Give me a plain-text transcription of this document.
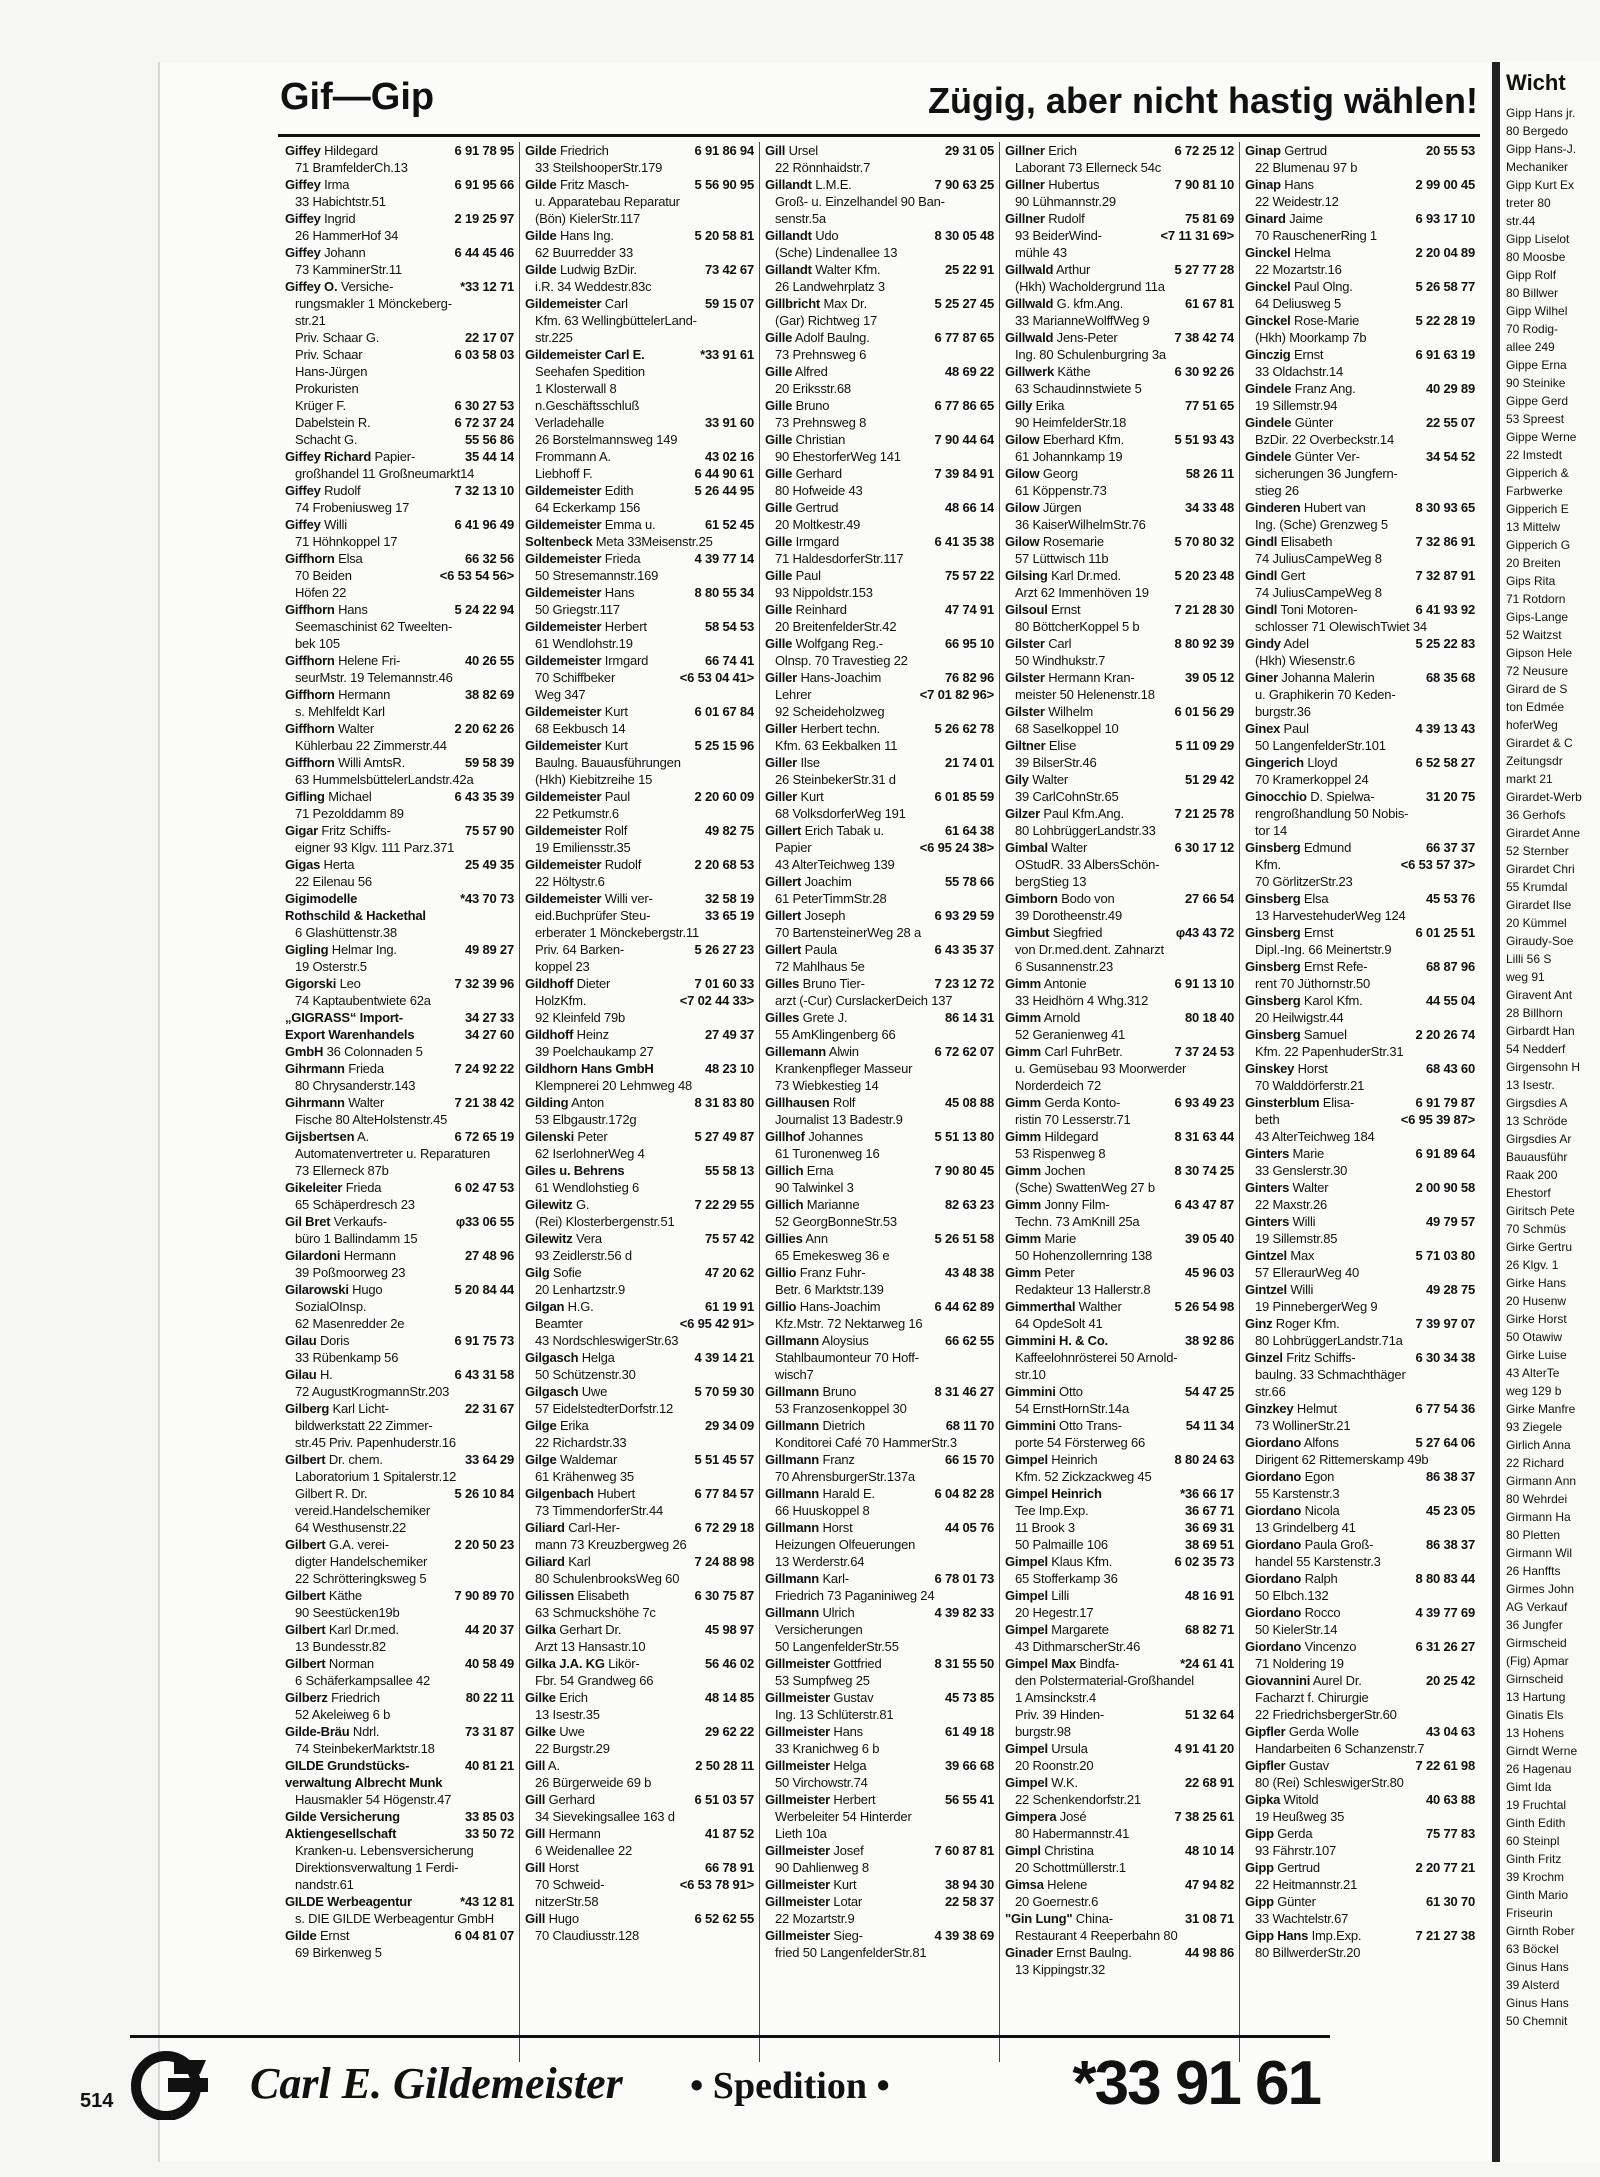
Gif—Gip	Zügig, aber nicht hastig wählen!
6 91 78 95
Giffey Hildegard
71 BramfelderCh.13
6 91 95 66
Giffey Irma
33 Habichtstr.51
2 19 25 97
Giffey Ingrid
26 HammerHof 34
6 44 45 46
Giffey Johann
73 KamminerStr.11
*33 12 71
Giffey O. Versiche-
rungsmakler 1 Mönckeberg-
str.21
22 17 07
Priv. Schaar G.
6 03 58 03
Priv. Schaar
Hans-Jürgen
Prokuristen
6 30 27 53
Krüger F.
6 72 37 24
Dabelstein R.
55 56 86
Schacht G.
35 44 14
Giffey Richard Papier-
großhandel 11 Großneumarkt14
7 32 13 10
Giffey Rudolf
74 Frobeniusweg 17
6 41 96 49
Giffey Willi
71 Höhnkoppel 17
66 32 56
Giffhorn Elsa
<6 53 54 56>
70 Beiden
Höfen 22
5 24 22 94
Giffhorn Hans
Seemaschinist 62 Tweelten-
bek 105
40 26 55
Giffhorn Helene Fri-
seurMstr. 19 Telemannstr.46
38 82 69
Giffhorn Hermann
s. Mehlfeldt Karl
2 20 62 26
Giffhorn Walter
Kühlerbau 22 Zimmerstr.44
59 58 39
Giffhorn Willi AmtsR.
63 HummelsbüttelerLandstr.42a
6 43 35 39
Gifling Michael
71 Pezolddamm 89
75 57 90
Gigar Fritz Schiffs-
eigner 93 Klgv. 111 Parz.371
25 49 35
Gigas Herta
22 Eilenau 56
*43 70 73
Gigimodelle
Rothschild & Hackethal
6 Glashüttenstr.38
49 89 27
Gigling Helmar Ing.
19 Osterstr.5
7 32 39 96
Gigorski Leo
74 Kaptaubentwiete 62a
34 27 33
„GIGRASS“ Import-
34 27 60
Export Warenhandels
GmbH 36 Colonnaden 5
7 24 92 22
Gihrmann Frieda
80 Chrysanderstr.143
7 21 38 42
Gihrmann Walter
Fische 80 AlteHolstenstr.45
6 72 65 19
Gijsbertsen A.
Automatenvertreter u. Reparaturen
73 Ellerneck 87b
6 02 47 53
Gikeleiter Frieda
65 Schäperdresch 23
φ33 06 55
Gil Bret Verkaufs-
büro 1 Ballindamm 15
27 48 96
Gilardoni Hermann
39 Poßmoorweg 23
5 20 84 44
Gilarowski Hugo
SozialOInsp.
62 Masenredder 2e
6 91 75 73
Gilau Doris
33 Rübenkamp 56
6 43 31 58
Gilau H.
72 AugustKrogmannStr.203
22 31 67
Gilberg Karl Licht-
bildwerkstatt 22 Zimmer-
str.45 Priv. Papenhuderstr.16
33 64 29
Gilbert Dr. chem.
Laboratorium 1 Spitalerstr.12
5 26 10 84
Gilbert R. Dr.
vereid.Handelschemiker
64 Westhusenstr.22
2 20 50 23
Gilbert G.A. verei-
digter Handelschemiker
22 Schrötteringksweg 5
7 90 89 70
Gilbert Käthe
90 Seestücken19b
44 20 37
Gilbert Karl Dr.med.
13 Bundesstr.82
40 58 49
Gilbert Norman
6 Schäferkampsallee 42
80 22 11
Gilberz Friedrich
52 Akeleiweg 6 b
73 31 87
Gilde-Bräu Ndrl.
74 SteinbekerMarktstr.18
40 81 21
GILDE Grundstücks-
verwaltung Albrecht Munk
Hausmakler 54 Högenstr.47
33 85 03
Gilde Versicherung
33 50 72
Aktiengesellschaft
Kranken-u. Lebensversicherung
Direktionsverwaltung 1 Ferdi-
nandstr.61
*43 12 81
GILDE Werbeagentur
s. DIE GILDE Werbeagentur GmbH
6 04 81 07
Gilde Ernst
69 Birkenweg 5
6 91 86 94
Gilde Friedrich
33 SteilshooperStr.179
5 56 90 95
Gilde Fritz Masch-
u. Apparatebau Reparatur
(Bön) KielerStr.117
5 20 58 81
Gilde Hans Ing.
62 Buurredder 33
73 42 67
Gilde Ludwig BzDir.
i.R. 34 Weddestr.83c
59 15 07
Gildemeister Carl
Kfm. 63 WellingbüttelerLand-
str.225
*33 91 61
Gildemeister Carl E.
Seehafen Spedition
1 Klosterwall 8
n.Geschäftsschluß
33 91 60
Verladehalle
26 Borstelmannsweg 149
43 02 16
Frommann A.
6 44 90 61
Liebhoff F.
5 26 44 95
Gildemeister Edith
64 Eckerkamp 156
61 52 45
Gildemeister Emma u.
Soltenbeck Meta 33Meisenstr.25
4 39 77 14
Gildemeister Frieda
50 Stresemannstr.169
8 80 55 34
Gildemeister Hans
50 Griegstr.117
58 54 53
Gildemeister Herbert
61 Wendlohstr.19
66 74 41
Gildemeister Irmgard
<6 53 04 41>
70 Schiffbeker
Weg 347
6 01 67 84
Gildemeister Kurt
68 Eekbusch 14
5 25 15 96
Gildemeister Kurt
Baulng. Bauausführungen
(Hkh) Kiebitzreihe 15
2 20 60 09
Gildemeister Paul
22 Petkumstr.6
49 82 75
Gildemeister Rolf
19 Emiliensstr.35
2 20 68 53
Gildemeister Rudolf
22 Höltystr.6
32 58 19
Gildemeister Willi ver-
33 65 19
eid.Buchprüfer Steu-
erberater 1 Mönckebergstr.11
5 26 27 23
Priv. 64 Barken-
koppel 23
7 01 60 33
Gildhoff Dieter
<7 02 44 33>
HolzKfm.
92 Kleinfeld 79b
27 49 37
Gildhoff Heinz
39 Poelchaukamp 27
48 23 10
Gildhorn Hans GmbH
Klempnerei 20 Lehmweg 48
8 31 83 80
Gilding Anton
53 Elbgaustr.172g
5 27 49 87
Gilenski Peter
62 IserlohnerWeg 4
55 58 13
Giles u. Behrens
61 Wendlohstieg 6
7 22 29 55
Gilewitz G.
(Rei) Klosterbergenstr.51
75 57 42
Gilewitz Vera
93 Zeidlerstr.56 d
47 20 62
Gilg Sofie
20 Lenhartzstr.9
61 19 91
Gilgan H.G.
<6 95 42 91>
Beamter
43 NordschleswigerStr.63
4 39 14 21
Gilgasch Helga
50 Schützenstr.30
5 70 59 30
Gilgasch Uwe
57 EidelstedterDorfstr.12
29 34 09
Gilge Erika
22 Richardstr.33
5 51 45 57
Gilge Waldemar
61 Krähenweg 35
6 77 84 57
Gilgenbach Hubert
73 TimmendorferStr.44
6 72 29 18
Giliard Carl-Her-
mann 73 Kreuzbergweg 26
7 24 88 98
Giliard Karl
80 SchulenbrooksWeg 60
6 30 75 87
Gilissen Elisabeth
63 Schmuckshöhe 7c
45 98 97
Gilka Gerhart Dr.
Arzt 13 Hansastr.10
56 46 02
Gilka J.A. KG Likör-
Fbr. 54 Grandweg 66
48 14 85
Gilke Erich
13 Isestr.35
29 62 22
Gilke Uwe
22 Burgstr.29
2 50 28 11
Gill A.
26 Bürgerweide 69 b
6 51 03 57
Gill Gerhard
34 Sievekingsallee 163 d
41 87 52
Gill Hermann
6 Weidenallee 22
66 78 91
Gill Horst
<6 53 78 91>
70 Schweid-
nitzerStr.58
6 52 62 55
Gill Hugo
70 Claudiusstr.128
29 31 05
Gill Ursel
22 Rönnhaidstr.7
7 90 63 25
Gillandt L.M.E.
Groß- u. Einzelhandel 90 Ban-
senstr.5a
8 30 05 48
Gillandt Udo
(Sche) Lindenallee 13
25 22 91
Gillandt Walter Kfm.
26 Landwehrplatz 3
5 25 27 45
Gillbricht Max Dr.
(Gar) Richtweg 17
6 77 87 65
Gille Adolf Baulng.
73 Prehnsweg 6
48 69 22
Gille Alfred
20 Eriksstr.68
6 77 86 65
Gille Bruno
73 Prehnsweg 8
7 90 44 64
Gille Christian
90 EhestorferWeg 141
7 39 84 91
Gille Gerhard
80 Hofweide 43
48 66 14
Gille Gertrud
20 Moltkestr.49
6 41 35 38
Gille Irmgard
71 HaldesdorferStr.117
75 57 22
Gille Paul
93 Nippoldstr.153
47 74 91
Gille Reinhard
20 BreitenfelderStr.42
66 95 10
Gille Wolfgang Reg.-
Olnsp. 70 Travestieg 22
76 82 96
Giller Hans-Joachim
<7 01 82 96>
Lehrer
92 Scheideholzweg
5 26 62 78
Giller Herbert techn.
Kfm. 63 Eekbalken 11
21 74 01
Giller Ilse
26 SteinbekerStr.31 d
6 01 85 59
Giller Kurt
68 VolksdorferWeg 191
61 64 38
Gillert Erich Tabak u.
<6 95 24 38>
Papier
43 AlterTeichweg 139
55 78 66
Gillert Joachim
61 PeterTimmStr.28
6 93 29 59
Gillert Joseph
70 BartensteinerWeg 28 a
6 43 35 37
Gillert Paula
72 Mahlhaus 5e
7 23 12 72
Gilles Bruno Tier-
arzt (-Cur) CurslackerDeich 137
86 14 31
Gilles Grete J.
55 AmKlingenberg 66
6 72 62 07
Gillemann Alwin
Krankenpfleger Masseur
73 Wiebkestieg 14
45 08 88
Gillhausen Rolf
Journalist 13 Badestr.9
5 51 13 80
Gillhof Johannes
61 Turonenweg 16
7 90 80 45
Gillich Erna
90 Talwinkel 3
82 63 23
Gillich Marianne
52 GeorgBonneStr.53
5 26 51 58
Gillies Ann
65 Emekesweg 36 e
43 48 38
Gillio Franz Fuhr-
Betr. 6 Marktstr.139
6 44 62 89
Gillio Hans-Joachim
Kfz.Mstr. 72 Nektarweg 16
66 62 55
Gillmann Aloysius
Stahlbaumonteur 70 Hoff-
wisch7
8 31 46 27
Gillmann Bruno
53 Franzosenkoppel 30
68 11 70
Gillmann Dietrich
Konditorei Café 70 HammerStr.3
66 15 70
Gillmann Franz
70 AhrensburgerStr.137a
6 04 82 28
Gillmann Harald E.
66 Huuskoppel 8
44 05 76
Gillmann Horst
Heizungen Olfeuerungen
13 Werderstr.64
6 78 01 73
Gillmann Karl-
Friedrich 73 Paganiniweg 24
4 39 82 33
Gillmann Ulrich
Versicherungen
50 LangenfelderStr.55
8 31 55 50
Gillmeister Gottfried
53 Sumpfweg 25
45 73 85
Gillmeister Gustav
Ing. 13 Schlüterstr.81
61 49 18
Gillmeister Hans
33 Kranichweg 6 b
39 66 68
Gillmeister Helga
50 Virchowstr.74
56 55 41
Gillmeister Herbert
Werbeleiter 54 Hinterder
Lieth 10a
7 60 87 81
Gillmeister Josef
90 Dahlienweg 8
38 94 30
Gillmeister Kurt
22 58 37
Gillmeister Lotar
22 Mozartstr.9
4 39 38 69
Gillmeister Sieg-
fried 50 LangenfelderStr.81
6 72 25 12
Gillner Erich
Laborant 73 Ellerneck 54c
7 90 81 10
Gillner Hubertus
90 Lühmannstr.29
75 81 69
Gillner Rudolf
<7 11 31 69>
93 BeiderWind-
mühle 43
5 27 77 28
Gillwald Arthur
(Hkh) Wacholdergrund 11a
61 67 81
Gillwald G. kfm.Ang.
33 MarianneWolffWeg 9
7 38 42 74
Gillwald Jens-Peter
Ing. 80 Schulenburgring 3a
6 30 92 26
Gillwerk Käthe
63 Schaudinnstwiete 5
77 51 65
Gilly Erika
90 HeimfelderStr.18
5 51 93 43
Gilow Eberhard Kfm.
61 Johannkamp 19
58 26 11
Gilow Georg
61 Köppenstr.73
34 33 48
Gilow Jürgen
36 KaiserWilhelmStr.76
5 70 80 32
Gilow Rosemarie
57 Lüttwisch 11b
5 20 23 48
Gilsing Karl Dr.med.
Arzt 62 Immenhöven 19
7 21 28 30
Gilsoul Ernst
80 BöttcherKoppel 5 b
8 80 92 39
Gilster Carl
50 Windhukstr.7
39 05 12
Gilster Hermann Kran-
meister 50 Helenenstr.18
6 01 56 29
Gilster Wilhelm
68 Saselkoppel 10
5 11 09 29
Giltner Elise
39 BilserStr.46
51 29 42
Gily Walter
39 CarlCohnStr.65
7 21 25 78
Gilzer Paul Kfm.Ang.
80 LohbrüggerLandstr.33
6 30 17 12
Gimbal Walter
OStudR. 33 AlbersSchön-
bergStieg 13
27 66 54
Gimborn Bodo von
39 Dorotheenstr.49
φ43 43 72
Gimbut Siegfried
von Dr.med.dent. Zahnarzt
6 Susannenstr.23
6 91 13 10
Gimm Antonie
33 Heidhörn 4 Whg.312
80 18 40
Gimm Arnold
52 Geranienweg 41
7 37 24 53
Gimm Carl FuhrBetr.
u. Gemüsebau 93 Moorwerder
Norderdeich 72
6 93 49 23
Gimm Gerda Konto-
ristin 70 Lesserstr.71
8 31 63 44
Gimm Hildegard
53 Rispenweg 8
8 30 74 25
Gimm Jochen
(Sche) SwattenWeg 27 b
6 43 47 87
Gimm Jonny Film-
Techn. 73 AmKnill 25a
39 05 40
Gimm Marie
50 Hohenzollernring 138
45 96 03
Gimm Peter
Redakteur 13 Hallerstr.8
5 26 54 98
Gimmerthal Walther
64 OpdeSolt 41
38 92 86
Gimmini H. & Co.
Kaffeelohnrösterei 50 Arnold-
str.10
54 47 25
Gimmini Otto
54 ErnstHornStr.14a
54 11 34
Gimmini Otto Trans-
porte 54 Försterweg 66
8 80 24 63
Gimpel Heinrich
Kfm. 52 Zickzackweg 45
*36 66 17
Gimpel Heinrich
36 67 71
Tee Imp.Exp.
36 69 31
11 Brook 3
38 69 51
50 Palmaille 106
6 02 35 73
Gimpel Klaus Kfm.
65 Stofferkamp 36
48 16 91
Gimpel Lilli
20 Hegestr.17
68 82 71
Gimpel Margarete
43 DithmarscherStr.46
*24 61 41
Gimpel Max Bindfa-
den Polstermaterial-Großhandel
1 Amsinckstr.4
51 32 64
Priv. 39 Hinden-
burgstr.98
4 91 41 20
Gimpel Ursula
20 Roonstr.20
22 68 91
Gimpel W.K.
22 Schenkendorfstr.21
7 38 25 61
Gimpera José
80 Habermannstr.41
48 10 14
Gimpl Christina
20 Schottmüllerstr.1
47 94 82
Gimsa Helene
20 Goernestr.6
31 08 71
"Gin Lung" China-
Restaurant 4 Reeperbahn 80
44 98 86
Ginader Ernst Baulng.
13 Kippingstr.32
20 55 53
Ginap Gertrud
22 Blumenau 97 b
2 99 00 45
Ginap Hans
22 Weidestr.12
6 93 17 10
Ginard Jaime
70 RauschenerRing 1
2 20 04 89
Ginckel Helma
22 Mozartstr.16
5 26 58 77
Ginckel Paul Olng.
64 Deliusweg 5
5 22 28 19
Ginckel Rose-Marie
(Hkh) Moorkamp 7b
6 91 63 19
Ginczig Ernst
33 Oldachstr.14
40 29 89
Gindele Franz Ang.
19 Sillemstr.94
22 55 07
Gindele Günter
BzDir. 22 Overbeckstr.14
34 54 52
Gindele Günter Ver-
sicherungen 36 Jungfern-
stieg 26
8 30 93 65
Ginderen Hubert van
Ing. (Sche) Grenzweg 5
7 32 86 91
Gindl Elisabeth
74 JuliusCampeWeg 8
7 32 87 91
Gindl Gert
74 JuliusCampeWeg 8
6 41 93 92
Gindl Toni Motoren-
schlosser 71 OlewischTwiet 34
5 25 22 83
Gindy Adel
(Hkh) Wiesenstr.6
68 35 68
Giner Johanna Malerin
u. Graphikerin 70 Keden-
burgstr.36
4 39 13 43
Ginex Paul
50 LangenfelderStr.101
6 52 58 27
Gingerich Lloyd
70 Kramerkoppel 24
31 20 75
Ginocchio D. Spielwa-
rengroßhandlung 50 Nobis-
tor 14
66 37 37
Ginsberg Edmund
<6 53 57 37>
Kfm.
70 GörlitzerStr.23
45 53 76
Ginsberg Elsa
13 HarvestehuderWeg 124
6 01 25 51
Ginsberg Ernst
Dipl.-Ing. 66 Meinertstr.9
68 87 96
Ginsberg Ernst Refe-
rent 70 Jüthornstr.50
44 55 04
Ginsberg Karol Kfm.
20 Heilwigstr.44
2 20 26 74
Ginsberg Samuel
Kfm. 22 PapenhuderStr.31
68 43 60
Ginskey Horst
70 Walddörferstr.21
6 91 79 87
Ginsterblum Elisa-
<6 95 39 87>
beth
43 AlterTeichweg 184
6 91 89 64
Ginters Marie
33 Genslerstr.30
2 00 90 58
Ginters Walter
22 Maxstr.26
49 79 57
Ginters Willi
19 Sillemstr.85
5 71 03 80
Gintzel Max
57 ElleraurWeg 40
49 28 75
Gintzel Willi
19 PinnebergerWeg 9
7 39 97 07
Ginz Roger Kfm.
80 LohbrüggerLandstr.71a
6 30 34 38
Ginzel Fritz Schiffs-
baulng. 33 Schmachthäger
str.66
6 77 54 36
Ginzkey Helmut
73 WollinerStr.21
5 27 64 06
Giordano Alfons
Dirigent 62 Rittemerskamp 49b
86 38 37
Giordano Egon
55 Karstenstr.3
45 23 05
Giordano Nicola
13 Grindelberg 41
86 38 37
Giordano Paula Groß-
handel 55 Karstenstr.3
8 80 83 44
Giordano Ralph
50 Elbch.132
4 39 77 69
Giordano Rocco
50 KielerStr.14
6 31 26 27
Giordano Vincenzo
71 Noldering 19
20 25 42
Giovannini Aurel Dr.
Facharzt f. Chirurgie
22 FriedrichsbergerStr.60
43 04 63
Gipfler Gerda Wolle
Handarbeiten 6 Schanzenstr.7
7 22 61 98
Gipfler Gustav
80 (Rei) SchleswigerStr.80
40 63 88
Gipka Witold
19 Heußweg 35
75 77 83
Gipp Gerda
93 Fährstr.107
2 20 77 21
Gipp Gertrud
22 Heitmannstr.21
61 30 70
Gipp Günter
33 Wachtelstr.67
7 21 27 38
Gipp Hans Imp.Exp.
80 BillwerderStr.20
Carl E. Gildemeister • Spedition •	*33 91 61
514
Wicht
Gipp Hans jr.
80 Bergedo
Gipp Hans-J.
Mechaniker
Gipp Kurt Ex
treter 80
str.44
Gipp Liselot
80 Moosbe
Gipp Rolf
80 Billwer
Gipp Wilhel
70 Rodig-
allee 249
Gippe Erna
90 Steinike
Gippe Gerd
53 Spreest
Gippe Werne
22 Imstedt
Gipperich &
Farbwerke
Gipperich E
13 Mittelw
Gipperich G
20 Breiten
Gips Rita
71 Rotdorn
Gips-Lange
52 Waitzst
Gipson Hele
72 Neusure
Girard de S
ton Edmée
hoferWeg
Girardet & C
Zeitungsdr
markt 21
Girardet-Werb
36 Gerhofs
Girardet Anne
52 Sternber
Girardet Chri
55 Krumdal
Girardet Ilse
20 Kümmel
Giraudy-Soe
Lilli 56 S
weg 91
Giravent Ant
28 Billhorn
Girbardt Han
54 Nedderf
Girgensohn H
13 Isestr.
Girgsdies A
13 Schröde
Girgsdies Ar
Bauausführ
Raak 200
Ehestorf
Giritsch Pete
70 Schmüs
Girke Gertru
26 Klgv. 1
Girke Hans
20 Husenw
Girke Horst
50 Otawiw
Girke Luise
43 AlterTe
weg 129 b
Girke Manfre
93 Ziegele
Girlich Anna
22 Richard
Girmann Ann
80 Wehrdei
Girmann Ha
80 Pletten
Girmann Wil
26 Hanffts
Girmes John
AG Verkauf
36 Jungfer
Girmscheid
(Fig) Apmar
Girnscheid
13 Hartung
Ginatis Els
13 Hohens
Girndt Werne
26 Hagenau
Gimt Ida
19 Fruchtal
Ginth Edith
60 Steinpl
Ginth Fritz
39 Krochm
Ginth Mario
Friseurin
Girnth Rober
63 Böckel
Ginus Hans
39 Alsterd
Ginus Hans
50 Chemnit
